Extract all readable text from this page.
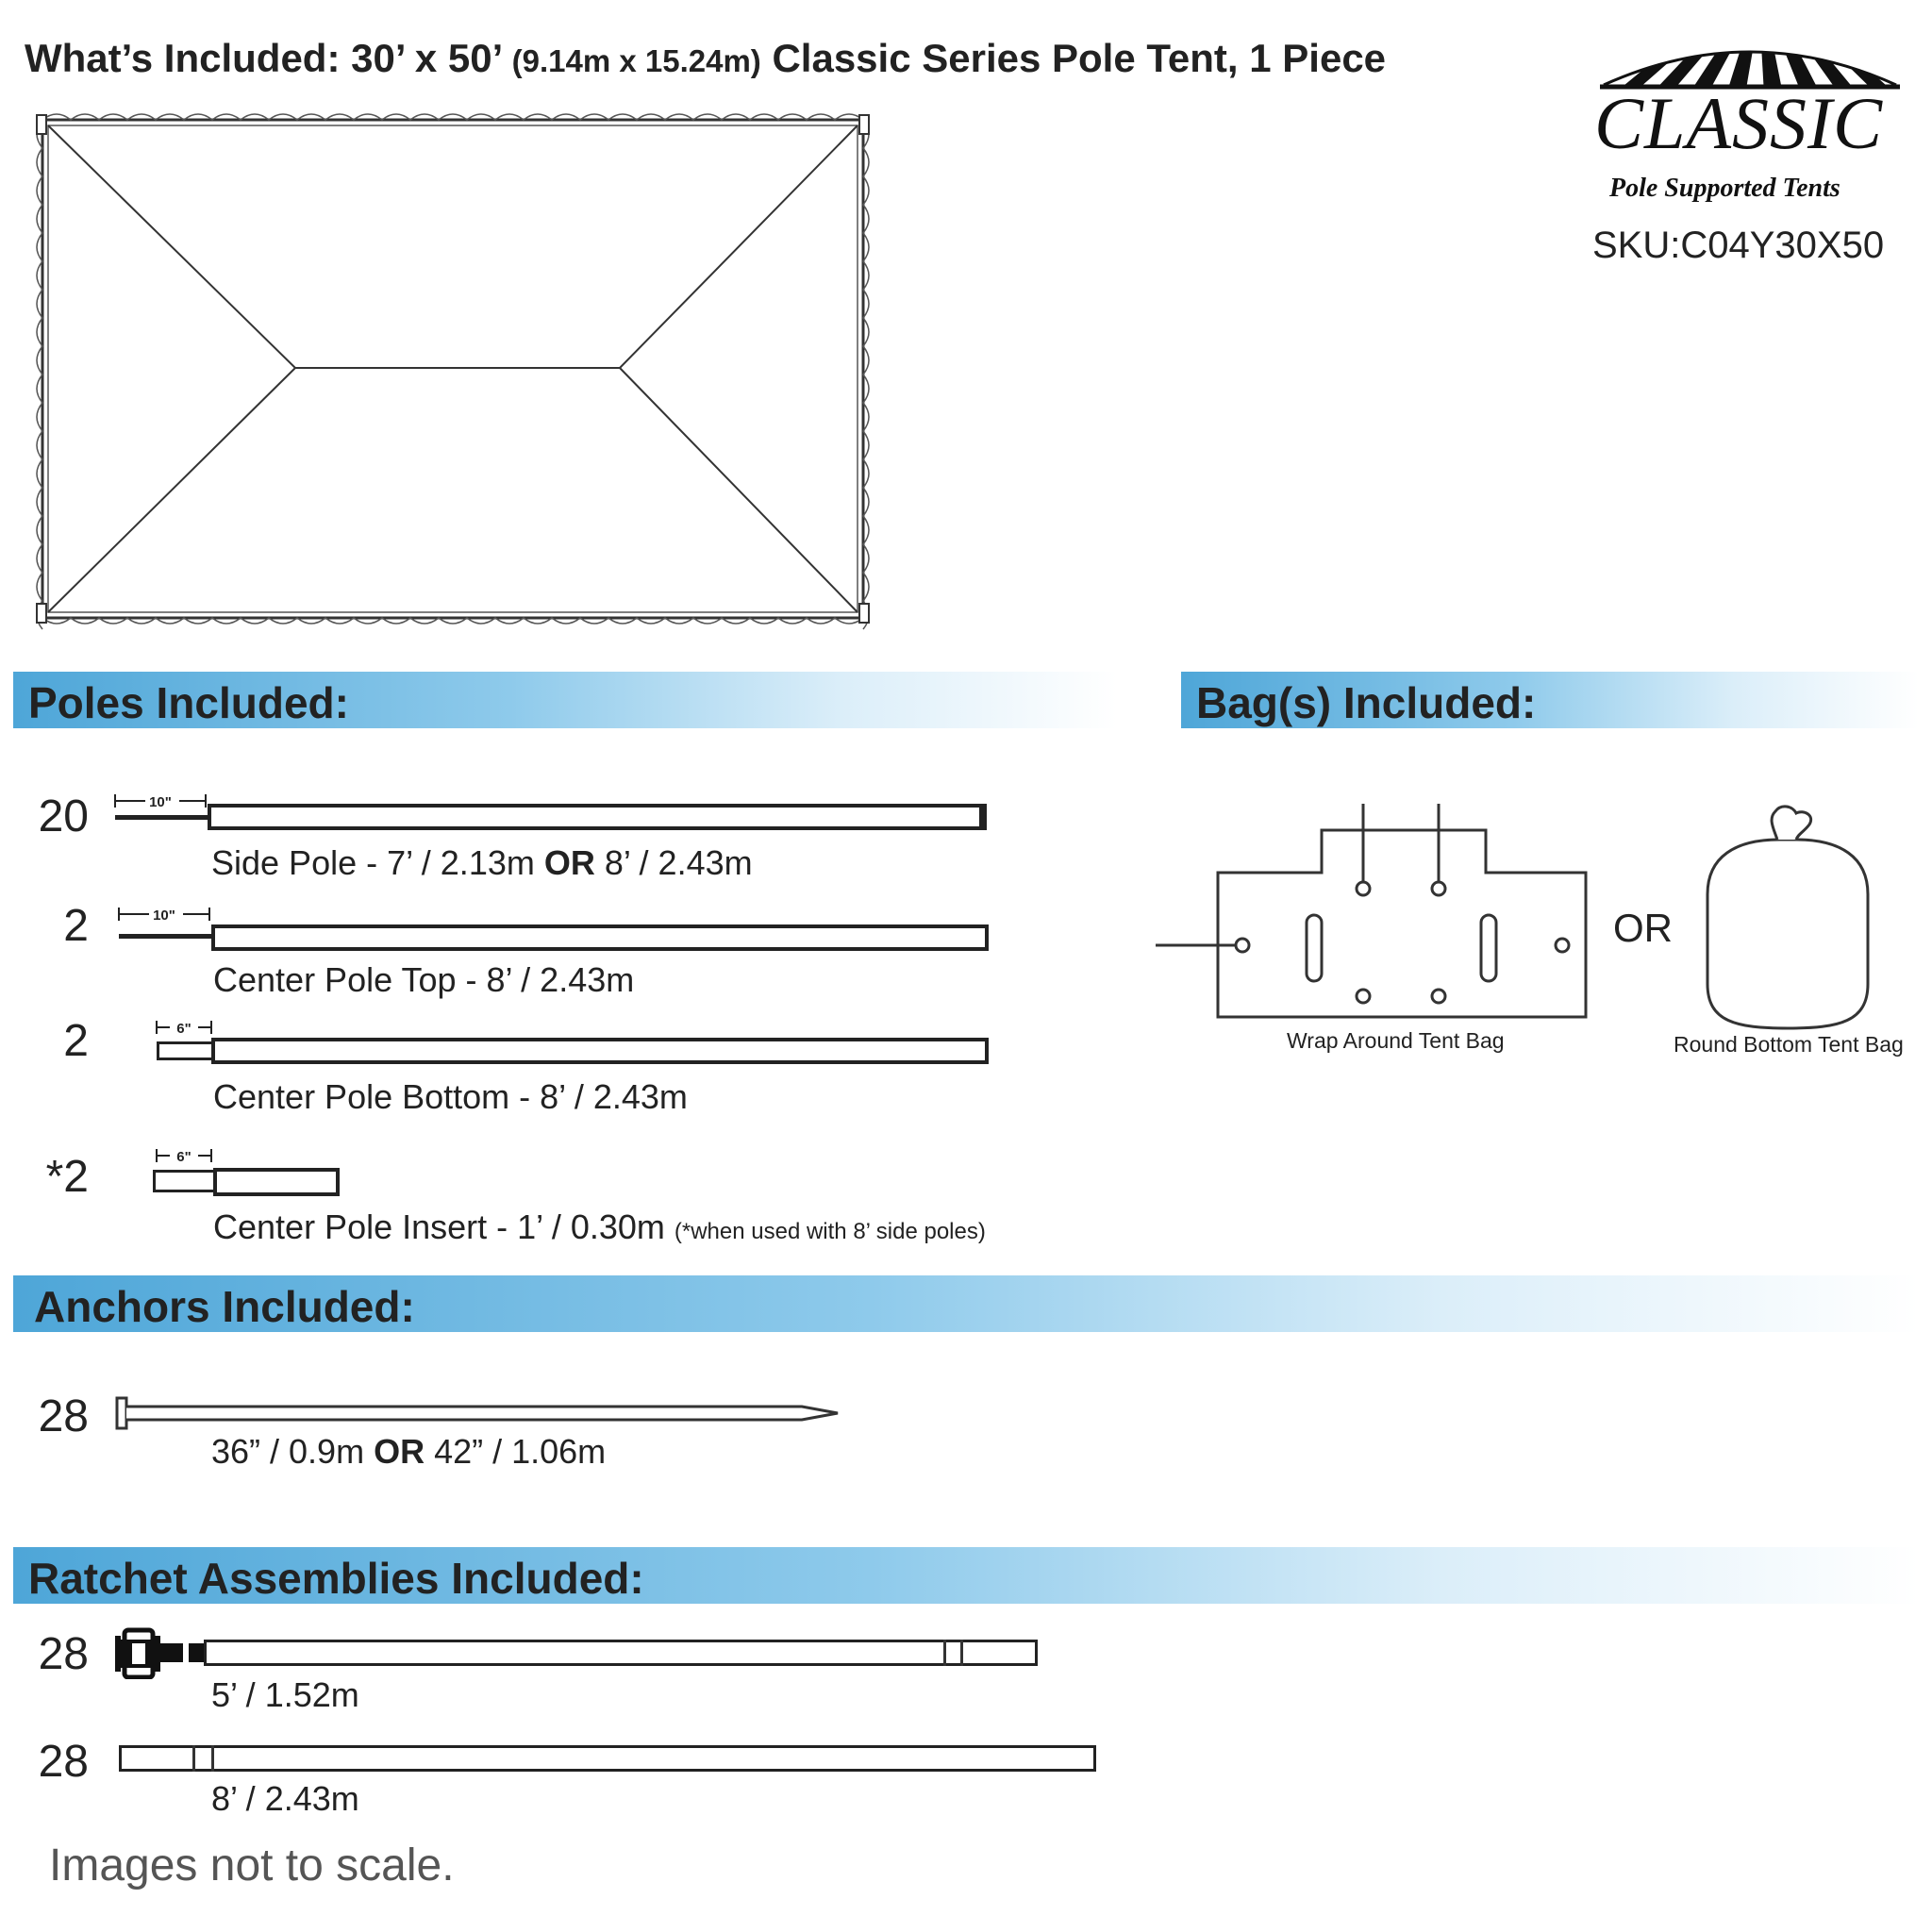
What’s Included: 30’ x 50’ (9.14m x 15.24m) Classic Series Pole Tent, 1 Piece
CLASSIC
Pole Supported Tents
SKU:C04Y30X50
Poles Included:	Bag(s) Included:
Anchors Included:
Ratchet Assemblies Included:
20	10"
Side Pole - 7’ / 2.13m OR 8’ / 2.43m
2	10"
Center Pole Top - 8’ / 2.43m
2	6"
Center Pole Bottom - 8’ / 2.43m
*2	6"
Center Pole Insert - 1’ / 0.30m (*when used with 8’ side poles)
Wrap Around Tent Bag
OR
Round Bottom Tent Bag
28
36” / 0.9m OR 42” / 1.06m
28
5’ / 1.52m
28
8’ / 2.43m
Images not to scale.
